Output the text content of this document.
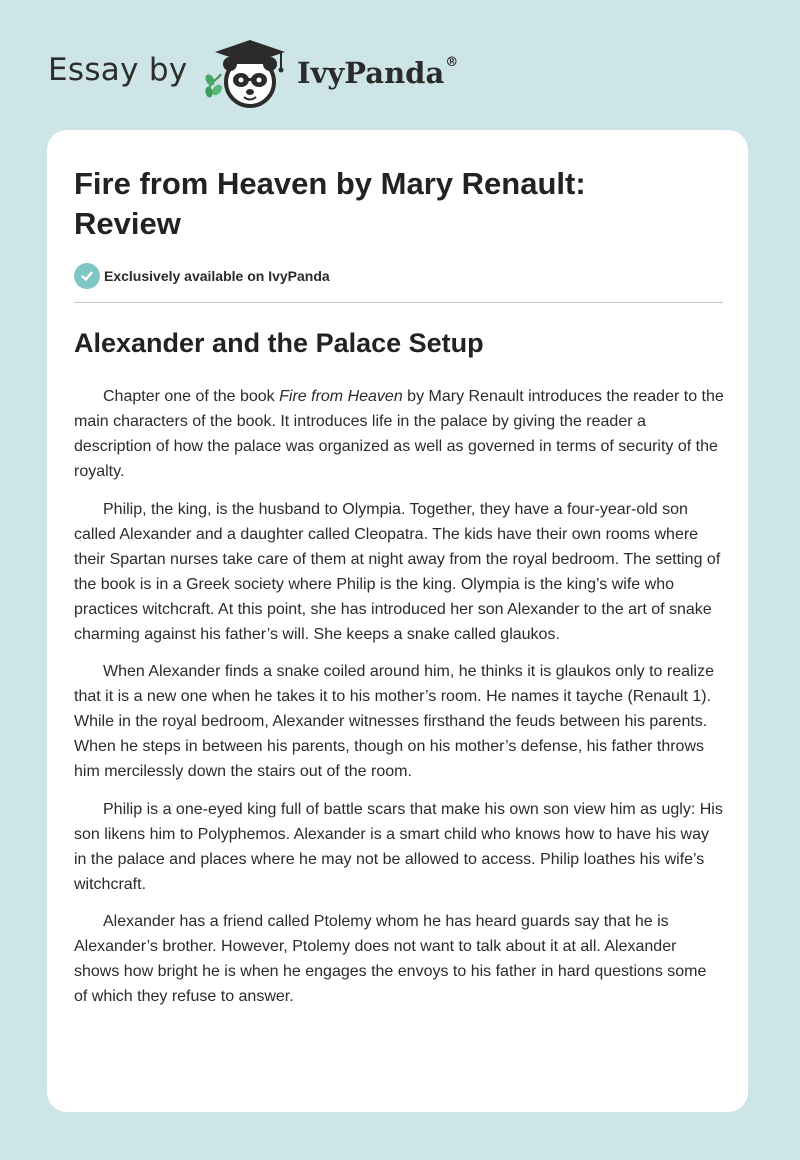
Essay by	IvyPanda®
Fire from Heaven by Mary Renault: Review
Exclusively available on IvyPanda
Alexander and the Palace Setup

Chapter one of the book Fire from Heaven by Mary Renault introduces the reader to the main characters of the book. It introduces life in the palace by giving the reader a description of how the palace was organized as well as governed in terms of security of the royalty.

Philip, the king, is the husband to Olympia. Together, they have a four-year-old son called Alexander and a daughter called Cleopatra. The kids have their own rooms where their Spartan nurses take care of them at night away from the royal bedroom. The setting of the book is in a Greek society where Philip is the king. Olympia is the king’s wife who practices witchcraft. At this point, she has introduced her son Alexander to the art of snake charming against his father’s will. She keeps a snake called glaukos.

When Alexander finds a snake coiled around him, he thinks it is glaukos only to realize that it is a new one when he takes it to his mother’s room. He names it tayche (Renault 1). While in the royal bedroom, Alexander witnesses firsthand the feuds between his parents. When he steps in between his parents, though on his mother’s defense, his father throws him mercilessly down the stairs out of the room.

Philip is a one-eyed king full of battle scars that make his own son view him as ugly: His son likens him to Polyphemos. Alexander is a smart child who knows how to have his way in the palace and places where he may not be allowed to access. Philip loathes his wife’s witchcraft.

Alexander has a friend called Ptolemy whom he has heard guards say that he is Alexander’s brother. However, Ptolemy does not want to talk about it at all. Alexander shows how bright he is when he engages the envoys to his father in hard questions some of which they refuse to answer.
